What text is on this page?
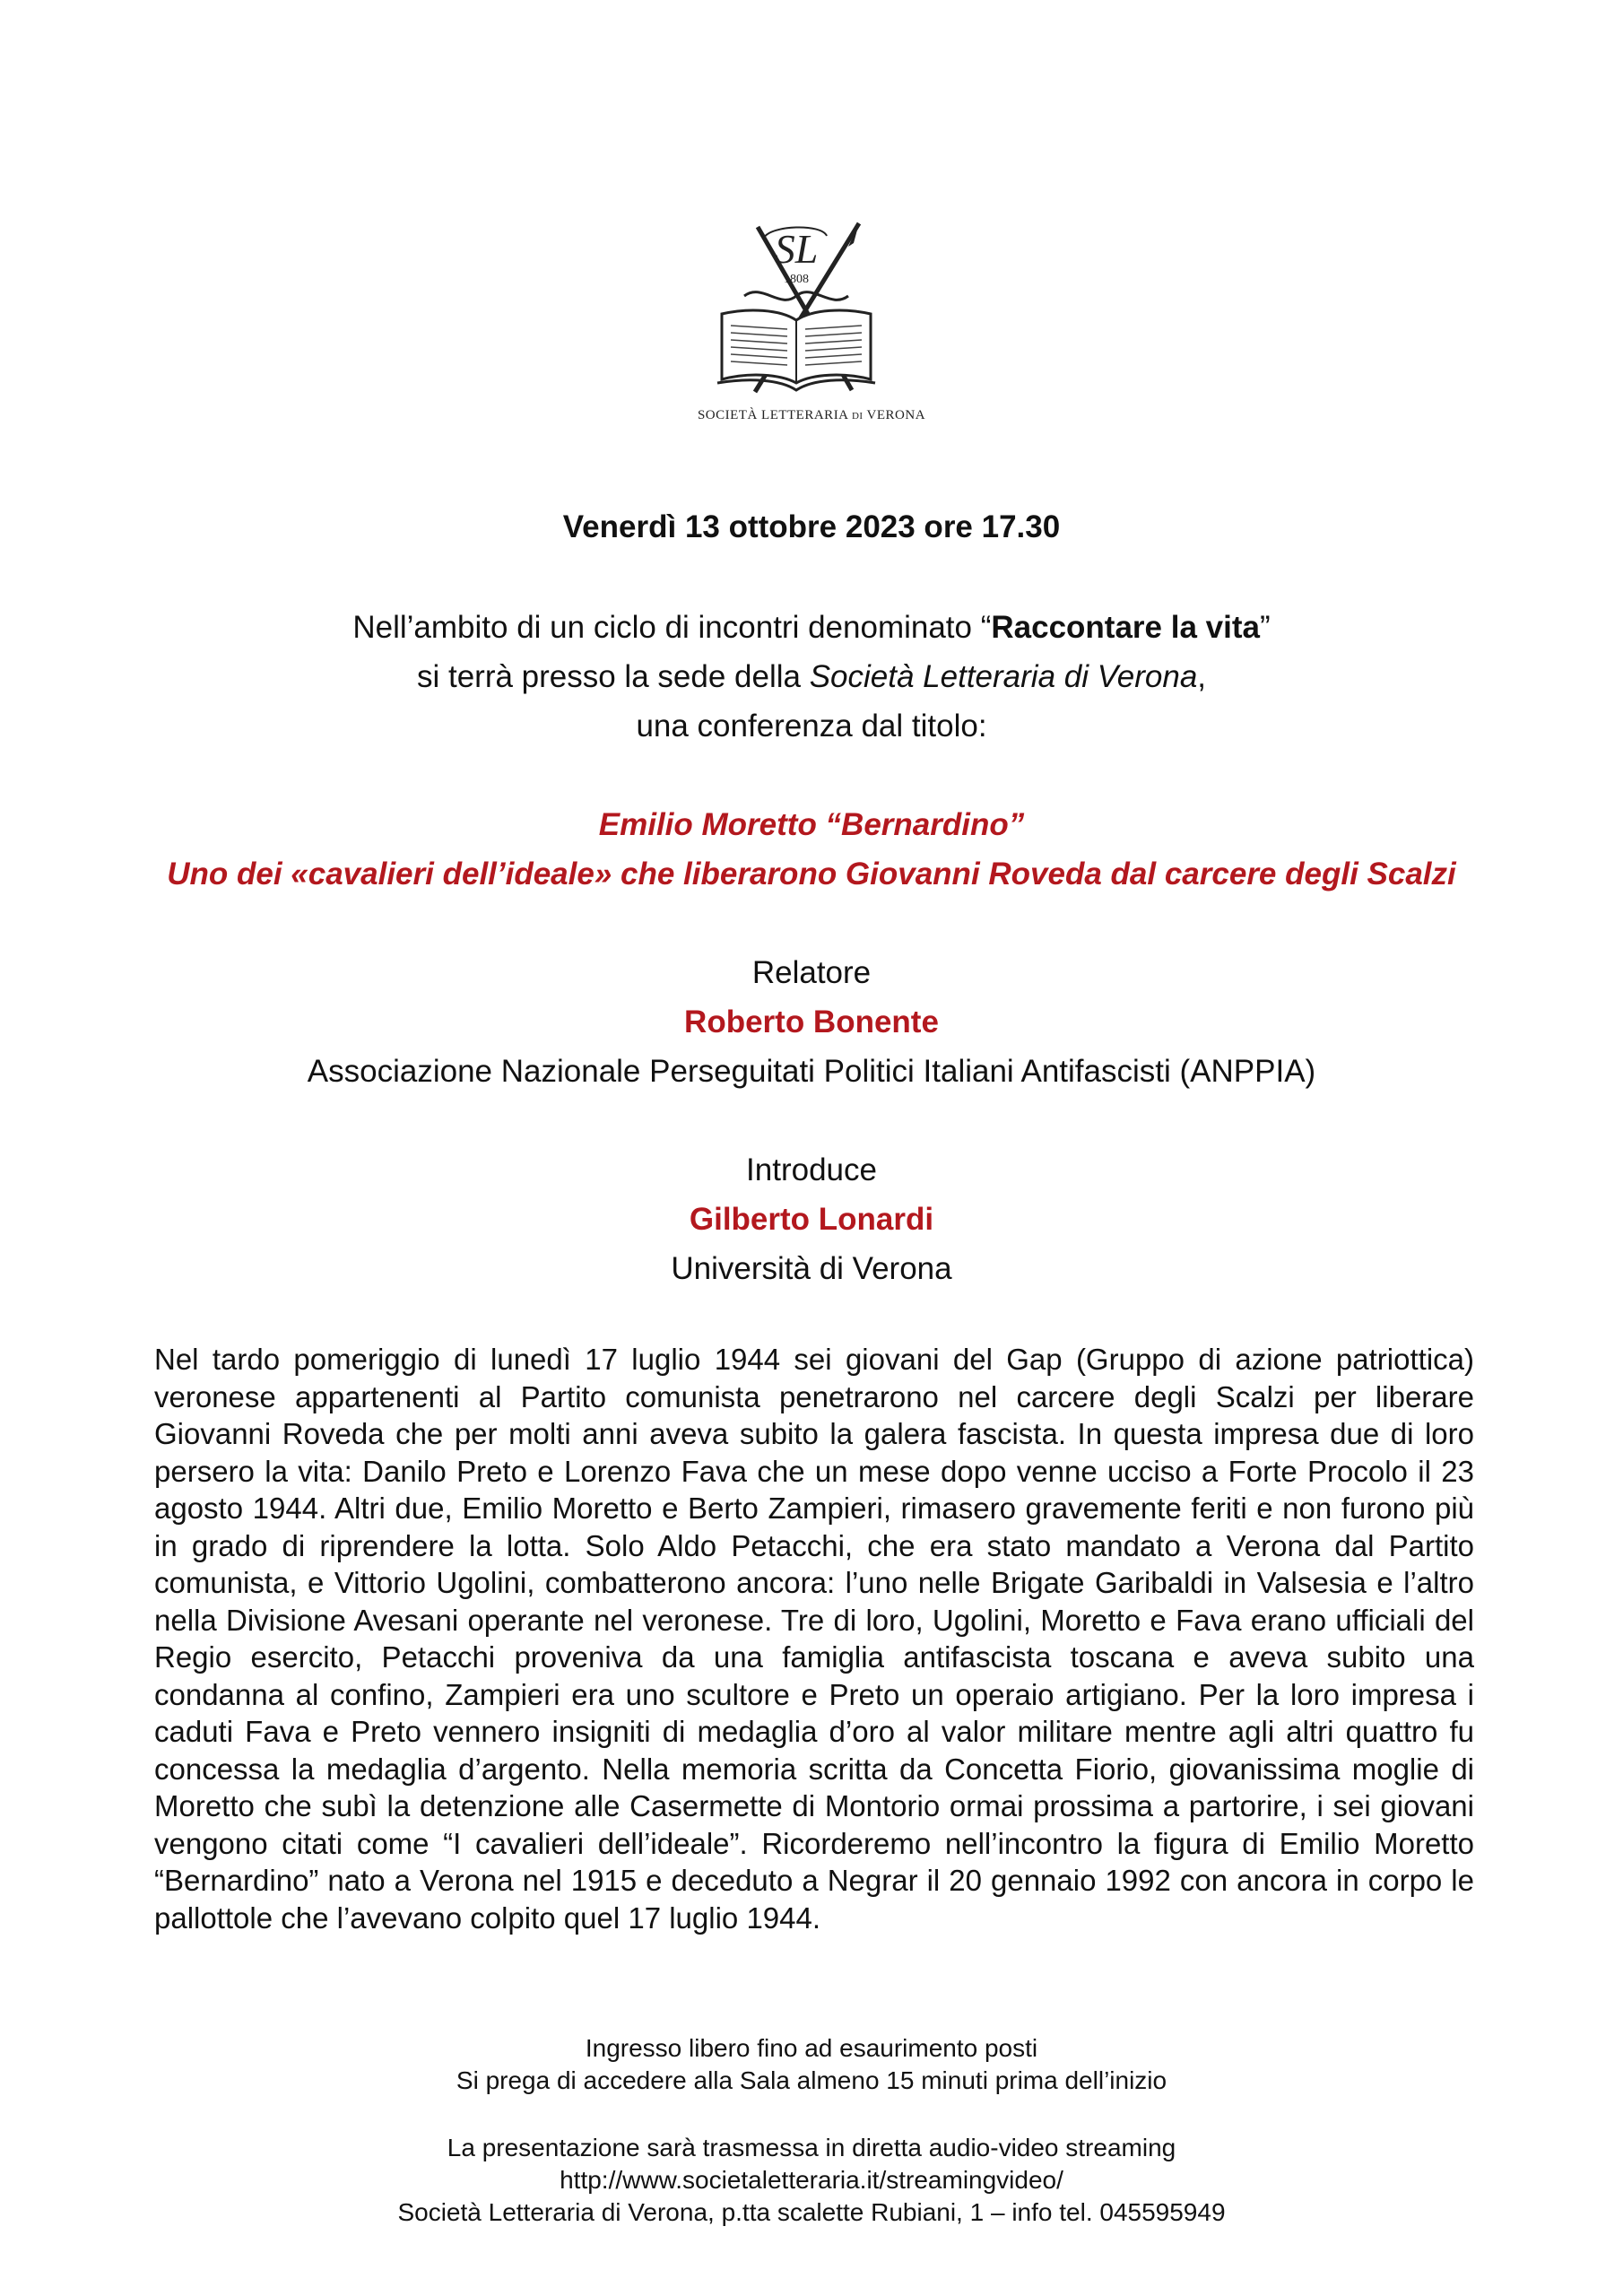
SL
1808
SOCIETÀ LETTERARIA DI VERONA
Venerdì 13 ottobre 2023 ore 17.30
Nell’ambito di un ciclo di incontri denominato “Raccontare la vita”
si terrà presso la sede della Società Letteraria di Verona,
una conferenza dal titolo:
Emilio Moretto “Bernardino”
Uno dei «cavalieri dell’ideale» che liberarono Giovanni Roveda dal carcere degli Scalzi
Relatore
Roberto Bonente
Associazione Nazionale Perseguitati Politici Italiani Antifascisti (ANPPIA)
Introduce
Gilberto Lonardi
Università di Verona
Nel tardo pomeriggio di lunedì 17 luglio 1944 sei giovani del Gap (Gruppo di azione patriottica) veronese appartenenti al Partito comunista penetrarono nel carcere degli Scalzi per liberare Giovanni Roveda che per molti anni aveva subito la galera fascista. In questa impresa due di loro persero la vita: Danilo Preto e Lorenzo Fava che un mese dopo venne ucciso a Forte Procolo il 23 agosto 1944. Altri due, Emilio Moretto e Berto Zampieri, rimasero gravemente feriti e non furono più in grado di riprendere la lotta. Solo Aldo Petacchi, che era stato mandato a Verona dal Partito comunista, e Vittorio Ugolini, combatterono ancora: l’uno nelle Brigate Garibaldi in Valsesia e l’altro nella Divisione Avesani operante nel veronese. Tre di loro, Ugolini, Moretto e Fava erano ufficiali del Regio esercito, Petacchi proveniva da una famiglia antifascista toscana e aveva subito una condanna al confino, Zampieri era uno scultore e Preto un operaio artigiano. Per la loro impresa i caduti Fava e Preto vennero insigniti di medaglia d’oro al valor militare mentre agli altri quattro fu concessa la medaglia d’argento. Nella memoria scritta da Concetta Fiorio, giovanissima moglie di Moretto che subì la detenzione alle Casermette di Montorio ormai prossima a partorire, i sei giovani vengono citati come “I cavalieri dell’ideale”. Ricorderemo nell’incontro la figura di Emilio Moretto “Bernardino” nato a Verona nel 1915 e deceduto a Negrar il 20 gennaio 1992 con ancora in corpo le pallottole che l’avevano colpito quel 17 luglio 1944.
Ingresso libero fino ad esaurimento posti
Si prega di accedere alla Sala almeno 15 minuti prima dell’inizio
La presentazione sarà trasmessa in diretta audio-video streaming
http://www.societaletteraria.it/streamingvideo/
Società Letteraria di Verona, p.tta scalette Rubiani, 1 – info tel. 045595949
